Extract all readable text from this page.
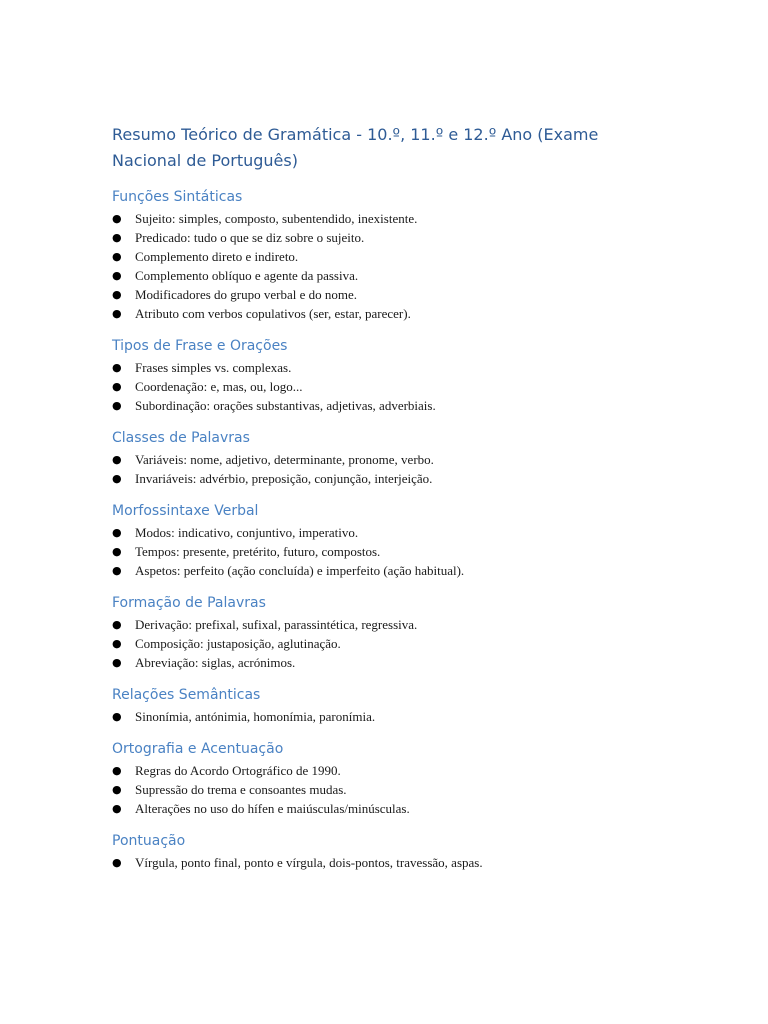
Resumo Teórico de Gramática - 10.º, 11.º e 12.º Ano (Exame Nacional de Português)
Funções Sintáticas
● Sujeito: simples, composto, subentendido, inexistente.
● Predicado: tudo o que se diz sobre o sujeito.
● Complemento direto e indireto.
● Complemento oblíquo e agente da passiva.
● Modificadores do grupo verbal e do nome.
● Atributo com verbos copulativos (ser, estar, parecer).
Tipos de Frase e Orações
● Frases simples vs. complexas.
● Coordenação: e, mas, ou, logo...
● Subordinação: orações substantivas, adjetivas, adverbiais.
Classes de Palavras
● Variáveis: nome, adjetivo, determinante, pronome, verbo.
● Invariáveis: advérbio, preposição, conjunção, interjeição.
Morfossintaxe Verbal
● Modos: indicativo, conjuntivo, imperativo.
● Tempos: presente, pretérito, futuro, compostos.
● Aspetos: perfeito (ação concluída) e imperfeito (ação habitual).
Formação de Palavras
● Derivação: prefixal, sufixal, parassintética, regressiva.
● Composição: justaposição, aglutinação.
● Abreviação: siglas, acrónimos.
Relações Semânticas
● Sinonímia, antónimia, homonímia, paronímia.
Ortografia e Acentuação
● Regras do Acordo Ortográfico de 1990.
● Supressão do trema e consoantes mudas.
● Alterações no uso do hífen e maiúsculas/minúsculas.
Pontuação
● Vírgula, ponto final, ponto e vírgula, dois-pontos, travessão, aspas.
